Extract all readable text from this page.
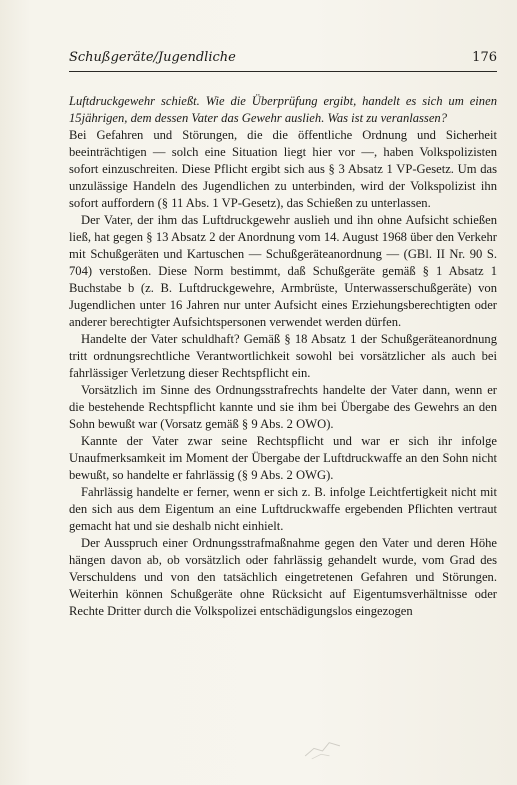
Schußgeräte/Jugendliche	176

Luftdruckgewehr schießt. Wie die Überprüfung ergibt, handelt es sich um einen 15jährigen, dem dessen Vater das Gewehr auslieh. Was ist zu veranlassen?

Bei Gefahren und Störungen, die die öffentliche Ordnung und Sicherheit beeinträchtigen — solch eine Situation liegt hier vor —, haben Volkspolizisten sofort einzuschreiten. Diese Pflicht ergibt sich aus § 3 Absatz 1 VP-Gesetz. Um das unzulässige Handeln des Jugendlichen zu unterbinden, wird der Volkspolizist ihn sofort auffordern (§ 11 Abs. 1 VP-Gesetz), das Schießen zu unterlassen.

Der Vater, der ihm das Luftdruckgewehr auslieh und ihn ohne Aufsicht schießen ließ, hat gegen § 13 Absatz 2 der Anordnung vom 14. August 1968 über den Verkehr mit Schußgeräten und Kartuschen — Schußgeräteanordnung — (GBl. II Nr. 90 S. 704) verstoßen. Diese Norm bestimmt, daß Schußgeräte gemäß § 1 Absatz 1 Buchstabe b (z. B. Luftdruckgewehre, Armbrüste, Unterwasserschußgeräte) von Jugendlichen unter 16 Jahren nur unter Aufsicht eines Erziehungsberechtigten oder anderer berechtigter Aufsichtspersonen verwendet werden dürfen.

Handelte der Vater schuldhaft? Gemäß § 18 Absatz 1 der Schußgeräteanordnung tritt ordnungsrechtliche Verantwortlichkeit sowohl bei vorsätzlicher als auch bei fahrlässiger Verletzung dieser Rechtspflicht ein.

Vorsätzlich im Sinne des Ordnungsstrafrechts handelte der Vater dann, wenn er die bestehende Rechtspflicht kannte und sie ihm bei Übergabe des Gewehrs an den Sohn bewußt war (Vorsatz gemäß § 9 Abs. 2 OWO).

Kannte der Vater zwar seine Rechtspflicht und war er sich ihr infolge Unaufmerksamkeit im Moment der Übergabe der Luftdruckwaffe an den Sohn nicht bewußt, so handelte er fahrlässig (§ 9 Abs. 2 OWG).

Fahrlässig handelte er ferner, wenn er sich z. B. infolge Leichtfertigkeit nicht mit den sich aus dem Eigentum an eine Luftdruckwaffe ergebenden Pflichten vertraut gemacht hat und sie deshalb nicht einhielt.

Der Ausspruch einer Ordnungsstrafmaßnahme gegen den Vater und deren Höhe hängen davon ab, ob vorsätzlich oder fahrlässig gehandelt wurde, vom Grad des Verschuldens und von den tatsächlich eingetretenen Gefahren und Störungen. Weiterhin können Schußgeräte ohne Rücksicht auf Eigentumsverhältnisse oder Rechte Dritter durch die Volkspolizei entschädigungslos eingezogen
